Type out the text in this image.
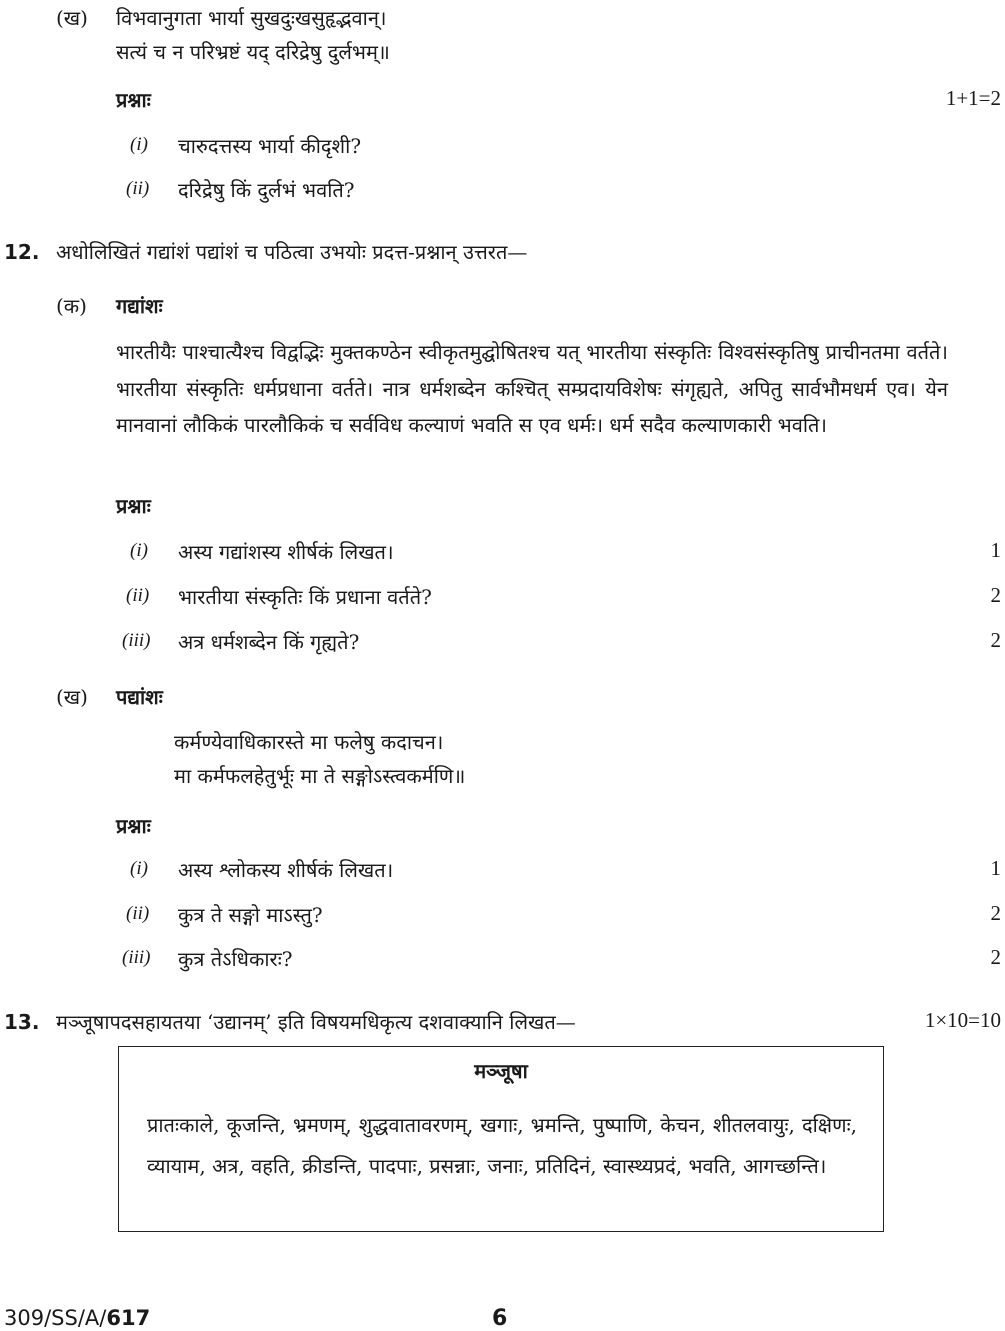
(ख) विभवानुगता भार्या सुखदुःखसुहृद्भवान्।
सत्यं च न परिभ्रष्टं यद् दरिद्रेषु दुर्लभम्॥
प्रश्नाः	1+1=2
(i) चारुदत्तस्य भार्या कीदृशी?
(ii) दरिद्रेषु किं दुर्लभं भवति?
12. अधोलिखितं गद्यांशं पद्यांशं च पठित्वा उभयोः प्रदत्त-प्रश्नान् उत्तरत—
(क) गद्यांशः
भारतीयैः पाश्चात्यैश्च विद्वद्भिः मुक्तकण्ठेन स्वीकृतमुद्घोषितश्च यत् भारतीया संस्कृतिः विश्वसंस्कृतिषु प्राचीनतमा वर्तते। भारतीया संस्कृतिः धर्मप्रधाना वर्तते। नात्र धर्मशब्देन कश्चित् सम्प्रदायविशेषः संगृह्यते, अपितु सार्वभौमधर्म एव। येन मानवानां लौकिकं पारलौकिकं च सर्वविध कल्याणं भवति स एव धर्मः। धर्म सदैव कल्याणकारी भवति।
प्रश्नाः
(i) अस्य गद्यांशस्य शीर्षकं लिखत।	1
(ii) भारतीया संस्कृतिः किं प्रधाना वर्तते?	2
(iii) अत्र धर्मशब्देन किं गृह्यते?	2
(ख) पद्यांशः
कर्मण्येवाधिकारस्ते मा फलेषु कदाचन।
मा कर्मफलहेतुर्भूः मा ते सङ्गोऽस्त्वकर्मणि॥
प्रश्नाः
(i) अस्य श्लोकस्य शीर्षकं लिखत।	1
(ii) कुत्र ते सङ्गो माऽस्तु?	2
(iii) कुत्र तेऽधिकारः?	2
13. मञ्जूषापदसहायतया ‘उद्यानम्’ इति विषयमधिकृत्य दशवाक्यानि लिखत—	1×10=10
मञ्जूषा
प्रातःकाले, कूजन्ति, भ्रमणम्, शुद्धवातावरणम्, खगाः, भ्रमन्ति, पुष्पाणि, केचन, शीतलवायुः, दक्षिणः, व्यायाम, अत्र, वहति, क्रीडन्ति, पादपाः, प्रसन्नाः, जनाः, प्रतिदिनं, स्वास्थ्यप्रदं, भवति, आगच्छन्ति।
309/SS/A/617	6
